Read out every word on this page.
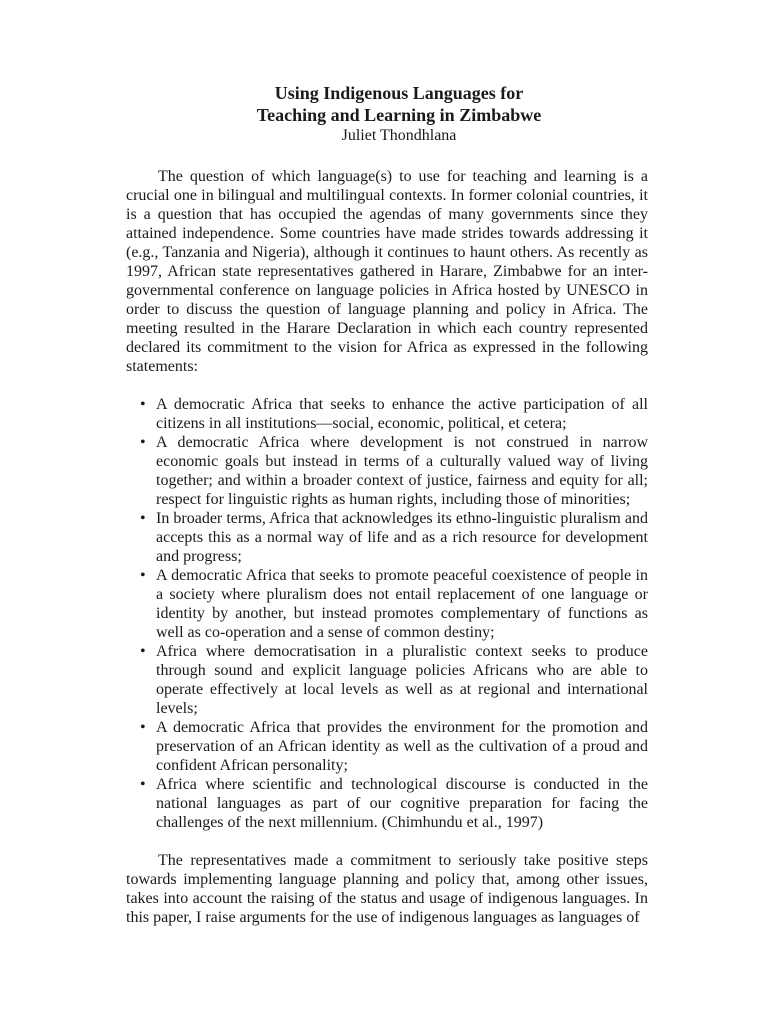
Using Indigenous Languages for
Teaching and Learning in Zimbabwe

Juliet Thondhlana

The question of which language(s) to use for teaching and learning is a crucial one in bilingual and multilingual contexts. In former colonial countries, it is a question that has occupied the agendas of many governments since they attained independence. Some countries have made strides towards addressing it (e.g., Tanzania and Nigeria), although it continues to haunt others. As recently as 1997, African state representatives gathered in Harare, Zimbabwe for an inter-governmental conference on language policies in Africa hosted by UNESCO in order to discuss the question of language planning and policy in Africa. The meeting resulted in the Harare Declaration in which each country represented declared its commitment to the vision for Africa as expressed in the following statements:

• A democratic Africa that seeks to enhance the active participation of all citizens in all institutions—social, economic, political, et cetera;
• A democratic Africa where development is not construed in narrow economic goals but instead in terms of a culturally valued way of living together; and within a broader context of justice, fairness and equity for all; respect for linguistic rights as human rights, including those of minorities;
• In broader terms, Africa that acknowledges its ethno-linguistic pluralism and accepts this as a normal way of life and as a rich resource for development and progress;
• A democratic Africa that seeks to promote peaceful coexistence of people in a society where pluralism does not entail replacement of one language or identity by another, but instead promotes complementary of functions as well as co-operation and a sense of common destiny;
• Africa where democratisation in a pluralistic context seeks to produce through sound and explicit language policies Africans who are able to operate effectively at local levels as well as at regional and international levels;
• A democratic Africa that provides the environment for the promotion and preservation of an African identity as well as the cultivation of a proud and confident African personality;
• Africa where scientific and technological discourse is conducted in the national languages as part of our cognitive preparation for facing the challenges of the next millennium. (Chimhundu et al., 1997)

The representatives made a commitment to seriously take positive steps towards implementing language planning and policy that, among other issues, takes into account the raising of the status and usage of indigenous languages. In this paper, I raise arguments for the use of indigenous languages as languages of
